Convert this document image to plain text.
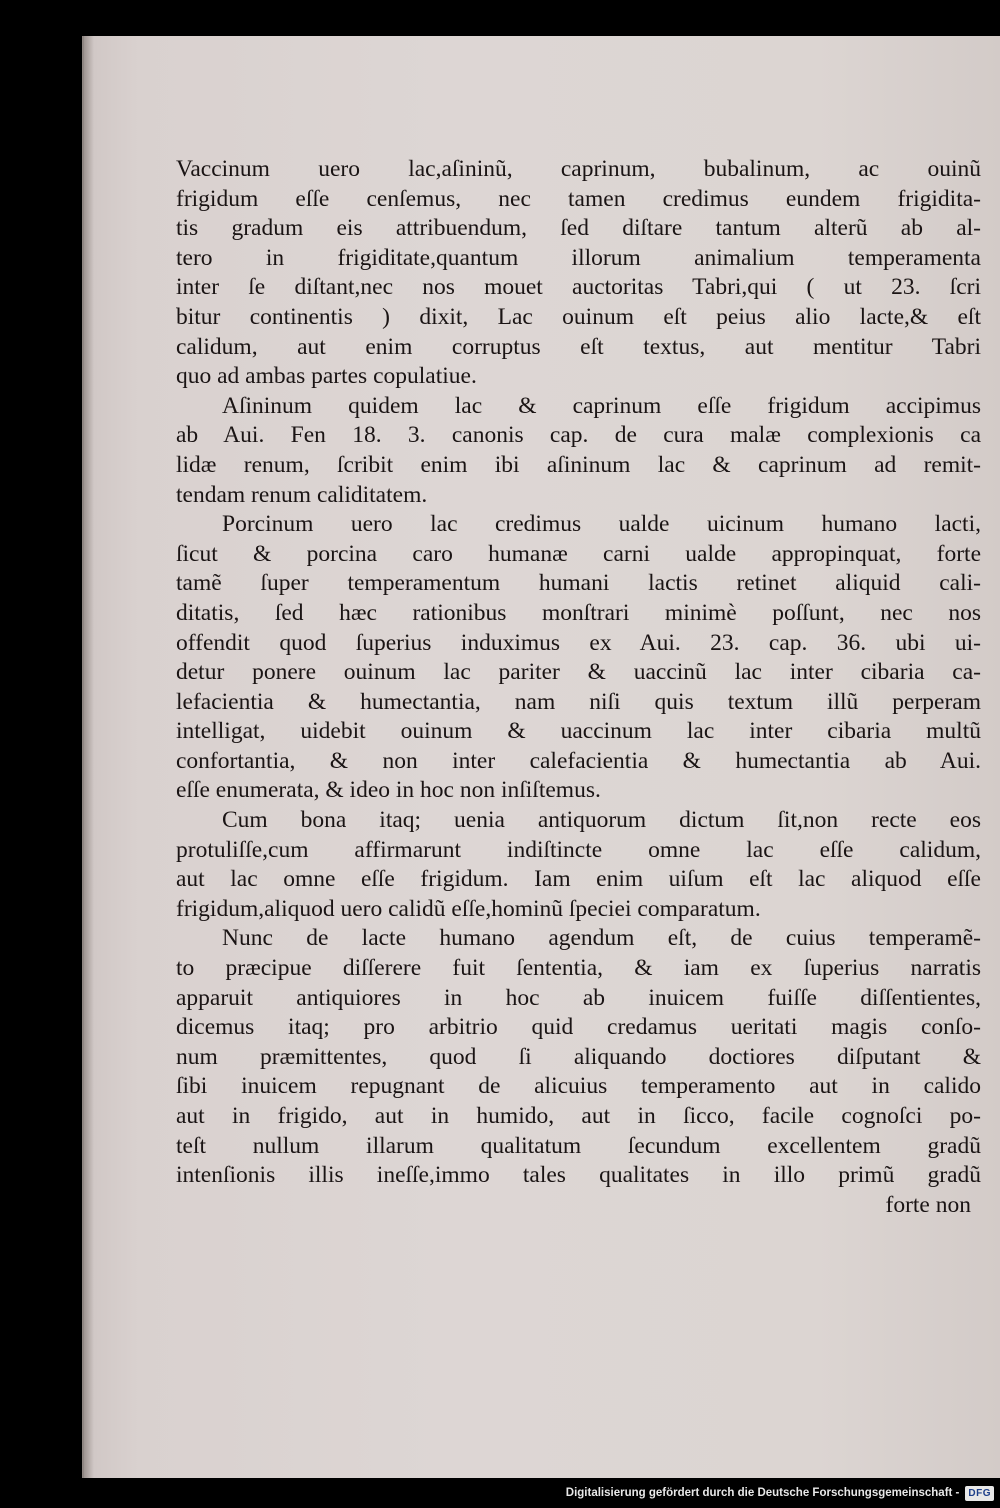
Vaccinum uero lac,aſininũ, caprinum, bubalinum, ac ouinũ
frigidum eſſe cenſemus, nec tamen credimus eundem frigidita-
tis gradum eis attribuendum, ſed diſtare tantum alterũ ab al-
tero in frigiditate,quantum illorum animalium temperamenta
inter ſe diſtant,nec nos mouet auctoritas Tabri,qui ( ut 23. ſcri
bitur continentis ) dixit, Lac ouinum eſt peius alio lacte,& eſt
calidum, aut enim corruptus eſt textus, aut mentitur Tabri
quo ad ambas partes copulatiue.
Aſininum quidem lac & caprinum eſſe frigidum accipimus
ab Aui. Fen 18. 3. canonis cap. de cura malæ complexionis ca
lidæ renum, ſcribit enim ibi aſininum lac & caprinum ad remit-
tendam renum caliditatem.
Porcinum uero lac credimus ualde uicinum humano lacti,
ſicut & porcina caro humanæ carni ualde appropinquat, forte
tamẽ ſuper temperamentum humani lactis retinet aliquid cali-
ditatis, ſed hæc rationibus monſtrari minimè poſſunt, nec nos
offendit quod ſuperius induximus ex Aui. 23. cap. 36. ubi ui-
detur ponere ouinum lac pariter & uaccinũ lac inter cibaria ca-
lefacientia & humectantia, nam niſi quis textum illũ perperam
intelligat, uidebit ouinum & uaccinum lac inter cibaria multũ
confortantia, & non inter calefacientia & humectantia ab Aui.
eſſe enumerata, & ideo in hoc non inſiſtemus.
Cum bona itaq; uenia antiquorum dictum ſit,non recte eos
protuliſſe,cum affirmarunt indiſtincte omne lac eſſe calidum,
aut lac omne eſſe frigidum. Iam enim uiſum eſt lac aliquod eſſe
frigidum,aliquod uero calidũ eſſe,hominũ ſpeciei comparatum.
Nunc de lacte humano agendum eſt, de cuius temperamẽ-
to præcipue diſſerere fuit ſententia, & iam ex ſuperius narratis
apparuit antiquiores in hoc ab inuicem fuiſſe diſſentientes,
dicemus itaq; pro arbitrio quid credamus ueritati magis conſo-
num præmittentes, quod ſi aliquando doctiores diſputant &
ſibi inuicem repugnant de alicuius temperamento aut in calido
aut in frigido, aut in humido, aut in ſicco, facile cognoſci po-
teſt nullum illarum qualitatum ſecundum excellentem gradũ
intenſionis illis ineſſe,immo tales qualitates in illo primũ gradũ
forte non
Digitalisierung gefördert durch die Deutsche Forschungsgemeinschaft - DFG
